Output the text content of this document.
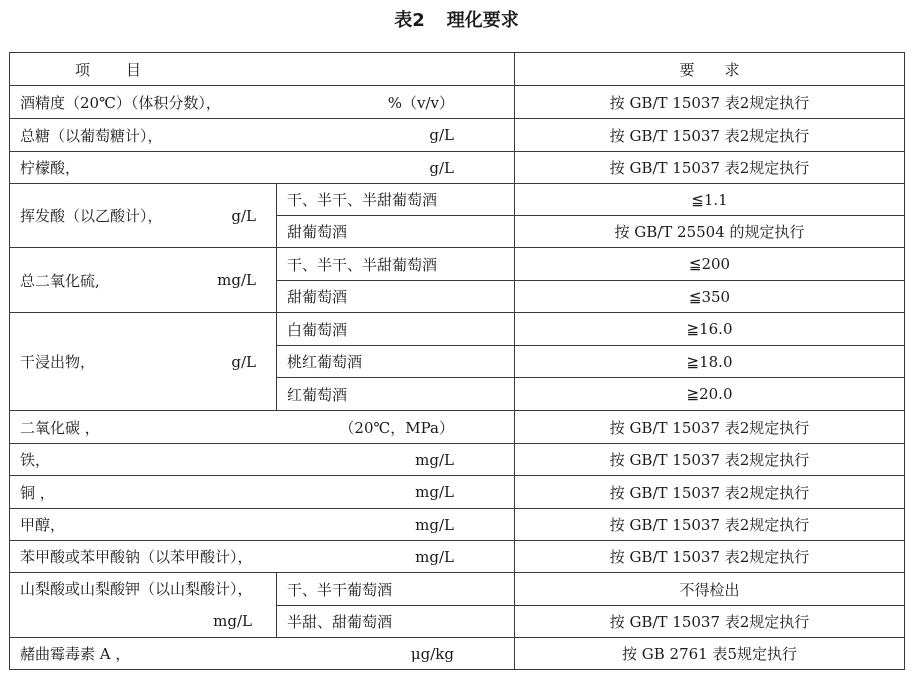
表2 理化要求
项 目		要 求

酒精度（20℃）（体积分数）， %（v/v）		按 GB/T 15037 表2规定执行

总糖（以葡萄糖计）， g/L		按 GB/T 15037 表2规定执行

柠檬酸， g/L		按 GB/T 15037 表2规定执行

挥发酸（以乙酸计）， g/L	干、半干、半甜葡萄酒	≦1.1
	甜葡萄酒	按 GB/T 25504 的规定执行

总二氧化硫, mg/L	干、半干、半甜葡萄酒	≦200
	甜葡萄酒	≦350

干浸出物， g/L	白葡萄酒	≧16.0
	桃红葡萄酒	≧18.0
	红葡萄酒	≧20.0

二氧化碳 ， （20℃，MPa）		按 GB/T 15037 表2规定执行

铁， mg/L		按 GB/T 15037 表2规定执行

铜 ， mg/L		按 GB/T 15037 表2规定执行

甲醇， mg/L		按 GB/T 15037 表2规定执行

苯甲酸或苯甲酸钠（以苯甲酸计）， mg/L		按 GB/T 15037 表2规定执行
山梨酸或山梨酸钾（以山梨酸计），
mg/L	干、半干葡萄酒	不得检出
	半甜、甜葡萄酒	按 GB/T 15037 表2规定执行

赭曲霉毒素 A ， μg/kg		按 GB 2761 表5规定执行
